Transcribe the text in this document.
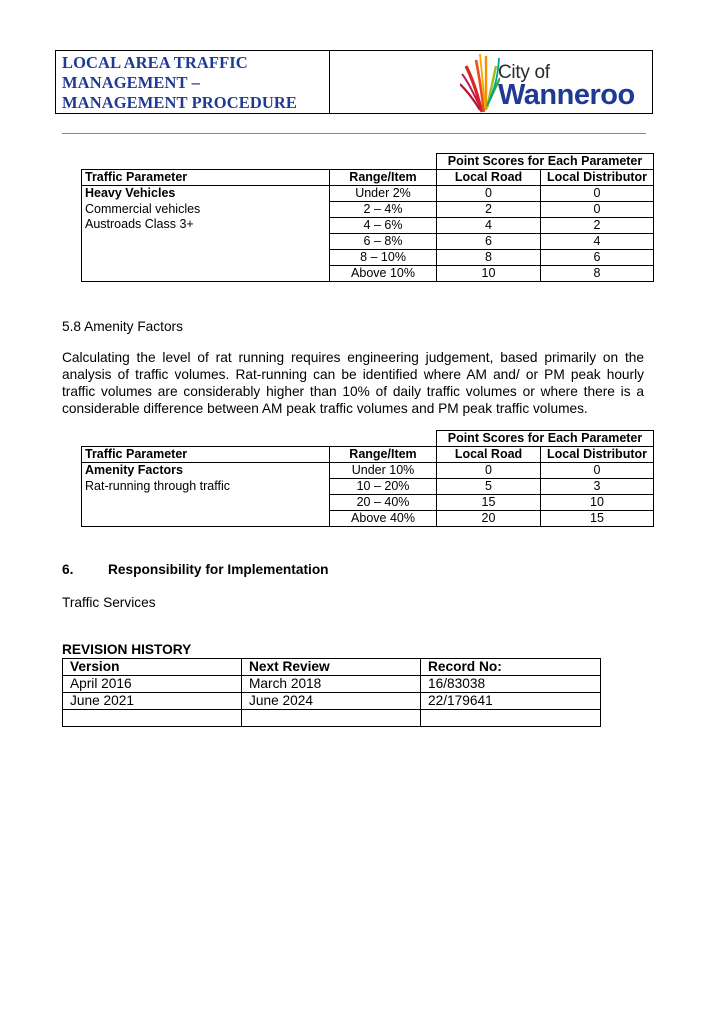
LOCAL AREA TRAFFIC
MANAGEMENT –
MANAGEMENT PROCEDURE
City of
Wanneroo
		Point Scores for Each Parameter	
Traffic Parameter	Range/Item	Local Road	Local Distributor

Heavy Vehicles
Commercial vehicles
Austroads Class 3+	Under 2%	0	0
	2 – 4%	2	0
	4 – 6%	4	2
	6 – 8%	6	4
	8 – 10%	8	6
	Above 10%	10	8
5.8 Amenity Factors
Calculating the level of rat running requires engineering judgement, based primarily on the analysis of traffic volumes. Rat-running can be identified where AM and/ or PM peak hourly traffic volumes are considerably higher than 10% of daily traffic volumes or where there is a considerable difference between AM peak traffic volumes and PM peak traffic volumes.
		Point Scores for Each Parameter	
Traffic Parameter	Range/Item	Local Road	Local Distributor

Amenity Factors
Rat-running through traffic	Under 10%	0	0
	10 – 20%	5	3
	20 – 40%	15	10
	Above 40%	20	15
6.	Responsibility for Implementation
Traffic Services
REVISION HISTORY
Version	Next Review	Record No:
April 2016	March 2018	16/83038
June 2021	June 2024	22/179641
